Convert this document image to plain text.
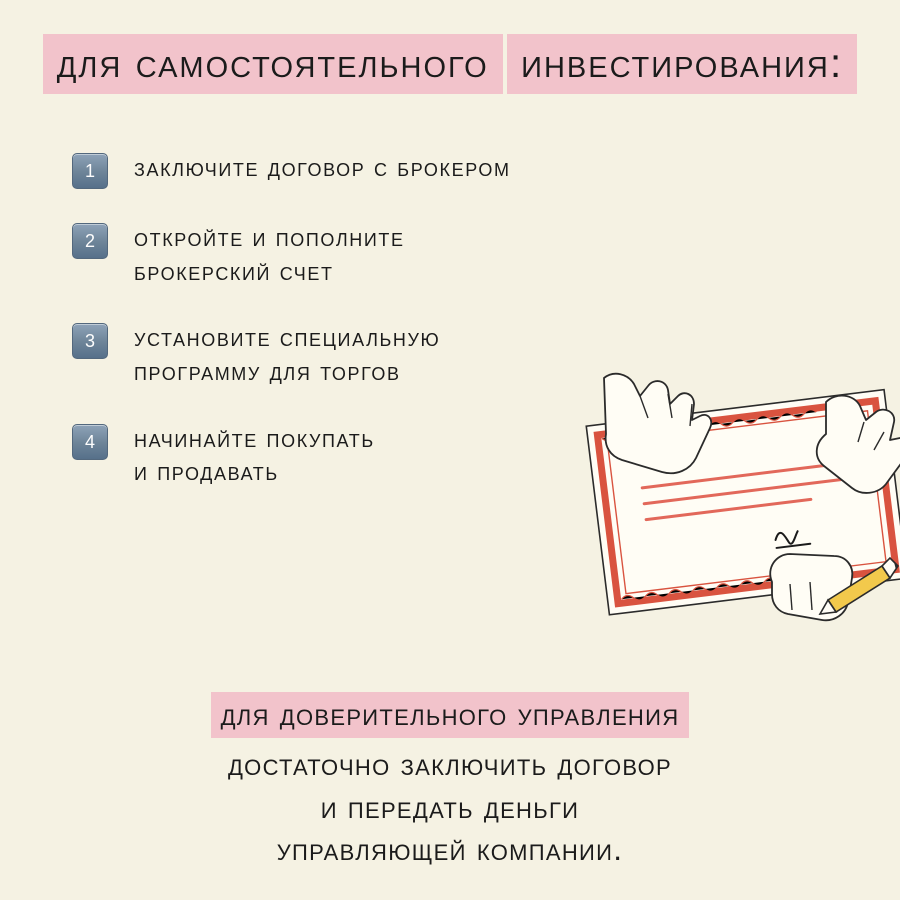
для самостоятельного инвестирования:
1	заключите договор с брокером
2	откройте и пополните
брокерский счет
3	установите специальную
программу для торгов
4	начинайте покупать
и продавать
для доверительного управления
достаточно заключить договор
и передать деньги
управляющей компании.
